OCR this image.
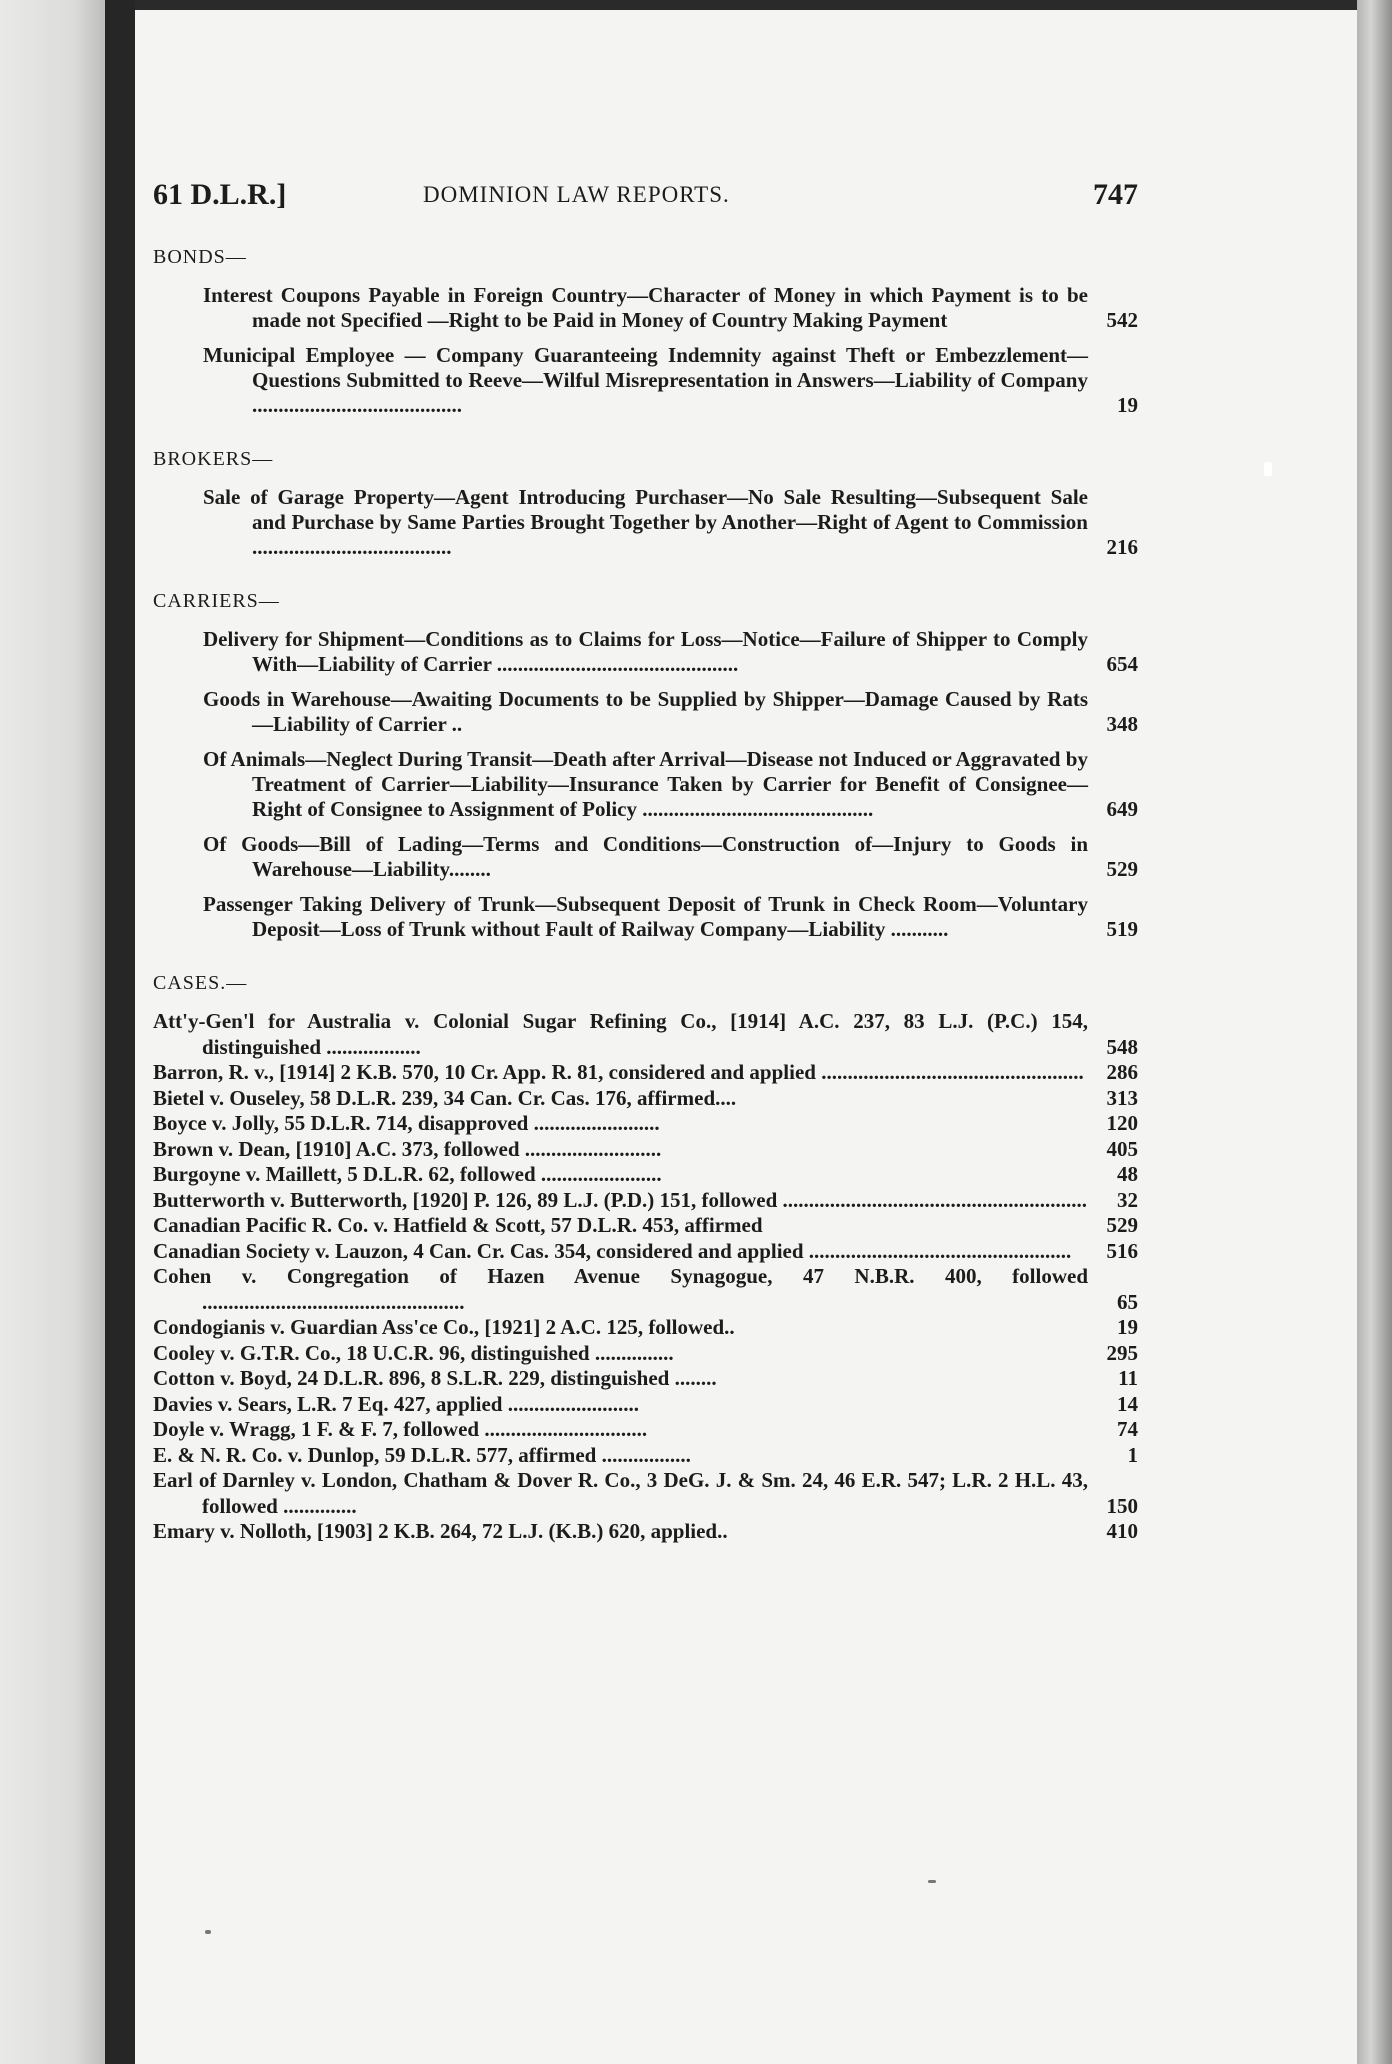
61 D.L.R.]	DOMINION LAW REPORTS.	747
BONDS—
Interest Coupons Payable in Foreign Country—Character of Money in which Payment is to be made not Specified —Right to be Paid in Money of Country Making Payment	542
Municipal Employee — Company Guaranteeing Indemnity against Theft or Embezzlement—Questions Submitted to Reeve—Wilful Misrepresentation in Answers—Liability of Company ........................................	19
BROKERS—
Sale of Garage Property—Agent Introducing Purchaser—No Sale Resulting—Subsequent Sale and Purchase by Same Parties Brought Together by Another—Right of Agent to Commission ......................................	216
CARRIERS—
Delivery for Shipment—Conditions as to Claims for Loss—Notice—Failure of Shipper to Comply With—Liability of Carrier ..............................................	654
Goods in Warehouse—Awaiting Documents to be Supplied by Shipper—Damage Caused by Rats—Liability of Carrier ..	348
Of Animals—Neglect During Transit—Death after Arrival—Disease not Induced or Aggravated by Treatment of Carrier—Liability—Insurance Taken by Carrier for Benefit of Consignee—Right of Consignee to Assignment of Policy ............................................	649
Of Goods—Bill of Lading—Terms and Conditions—Construction of—Injury to Goods in Warehouse—Liability........	529
Passenger Taking Delivery of Trunk—Subsequent Deposit of Trunk in Check Room—Voluntary Deposit—Loss of Trunk without Fault of Railway Company—Liability ...........	519
CASES.—
Att'y-Gen'l for Australia v. Colonial Sugar Refining Co., [1914] A.C. 237, 83 L.J. (P.C.) 154, distinguished ..................	548
Barron, R. v., [1914] 2 K.B. 570, 10 Cr. App. R. 81, considered and applied ..................................................	286
Bietel v. Ouseley, 58 D.L.R. 239, 34 Can. Cr. Cas. 176, affirmed....	313
Boyce v. Jolly, 55 D.L.R. 714, disapproved ........................	120
Brown v. Dean, [1910] A.C. 373, followed ..........................	405
Burgoyne v. Maillett, 5 D.L.R. 62, followed .......................	48
Butterworth v. Butterworth, [1920] P. 126, 89 L.J. (P.D.) 151, followed ..........................................................	32
Canadian Pacific R. Co. v. Hatfield & Scott, 57 D.L.R. 453, affirmed	529
Canadian Society v. Lauzon, 4 Can. Cr. Cas. 354, considered and applied ..................................................	516
Cohen v. Congregation of Hazen Avenue Synagogue, 47 N.B.R. 400, followed ..................................................	65
Condogianis v. Guardian Ass'ce Co., [1921] 2 A.C. 125, followed..	19
Cooley v. G.T.R. Co., 18 U.C.R. 96, distinguished ...............	295
Cotton v. Boyd, 24 D.L.R. 896, 8 S.L.R. 229, distinguished ........	11
Davies v. Sears, L.R. 7 Eq. 427, applied .........................	14
Doyle v. Wragg, 1 F. & F. 7, followed ...............................	74
E. & N. R. Co. v. Dunlop, 59 D.L.R. 577, affirmed .................	1
Earl of Darnley v. London, Chatham & Dover R. Co., 3 DeG. J. & Sm. 24, 46 E.R. 547; L.R. 2 H.L. 43, followed ..............	150
Emary v. Nolloth, [1903] 2 K.B. 264, 72 L.J. (K.B.) 620, applied..	410
